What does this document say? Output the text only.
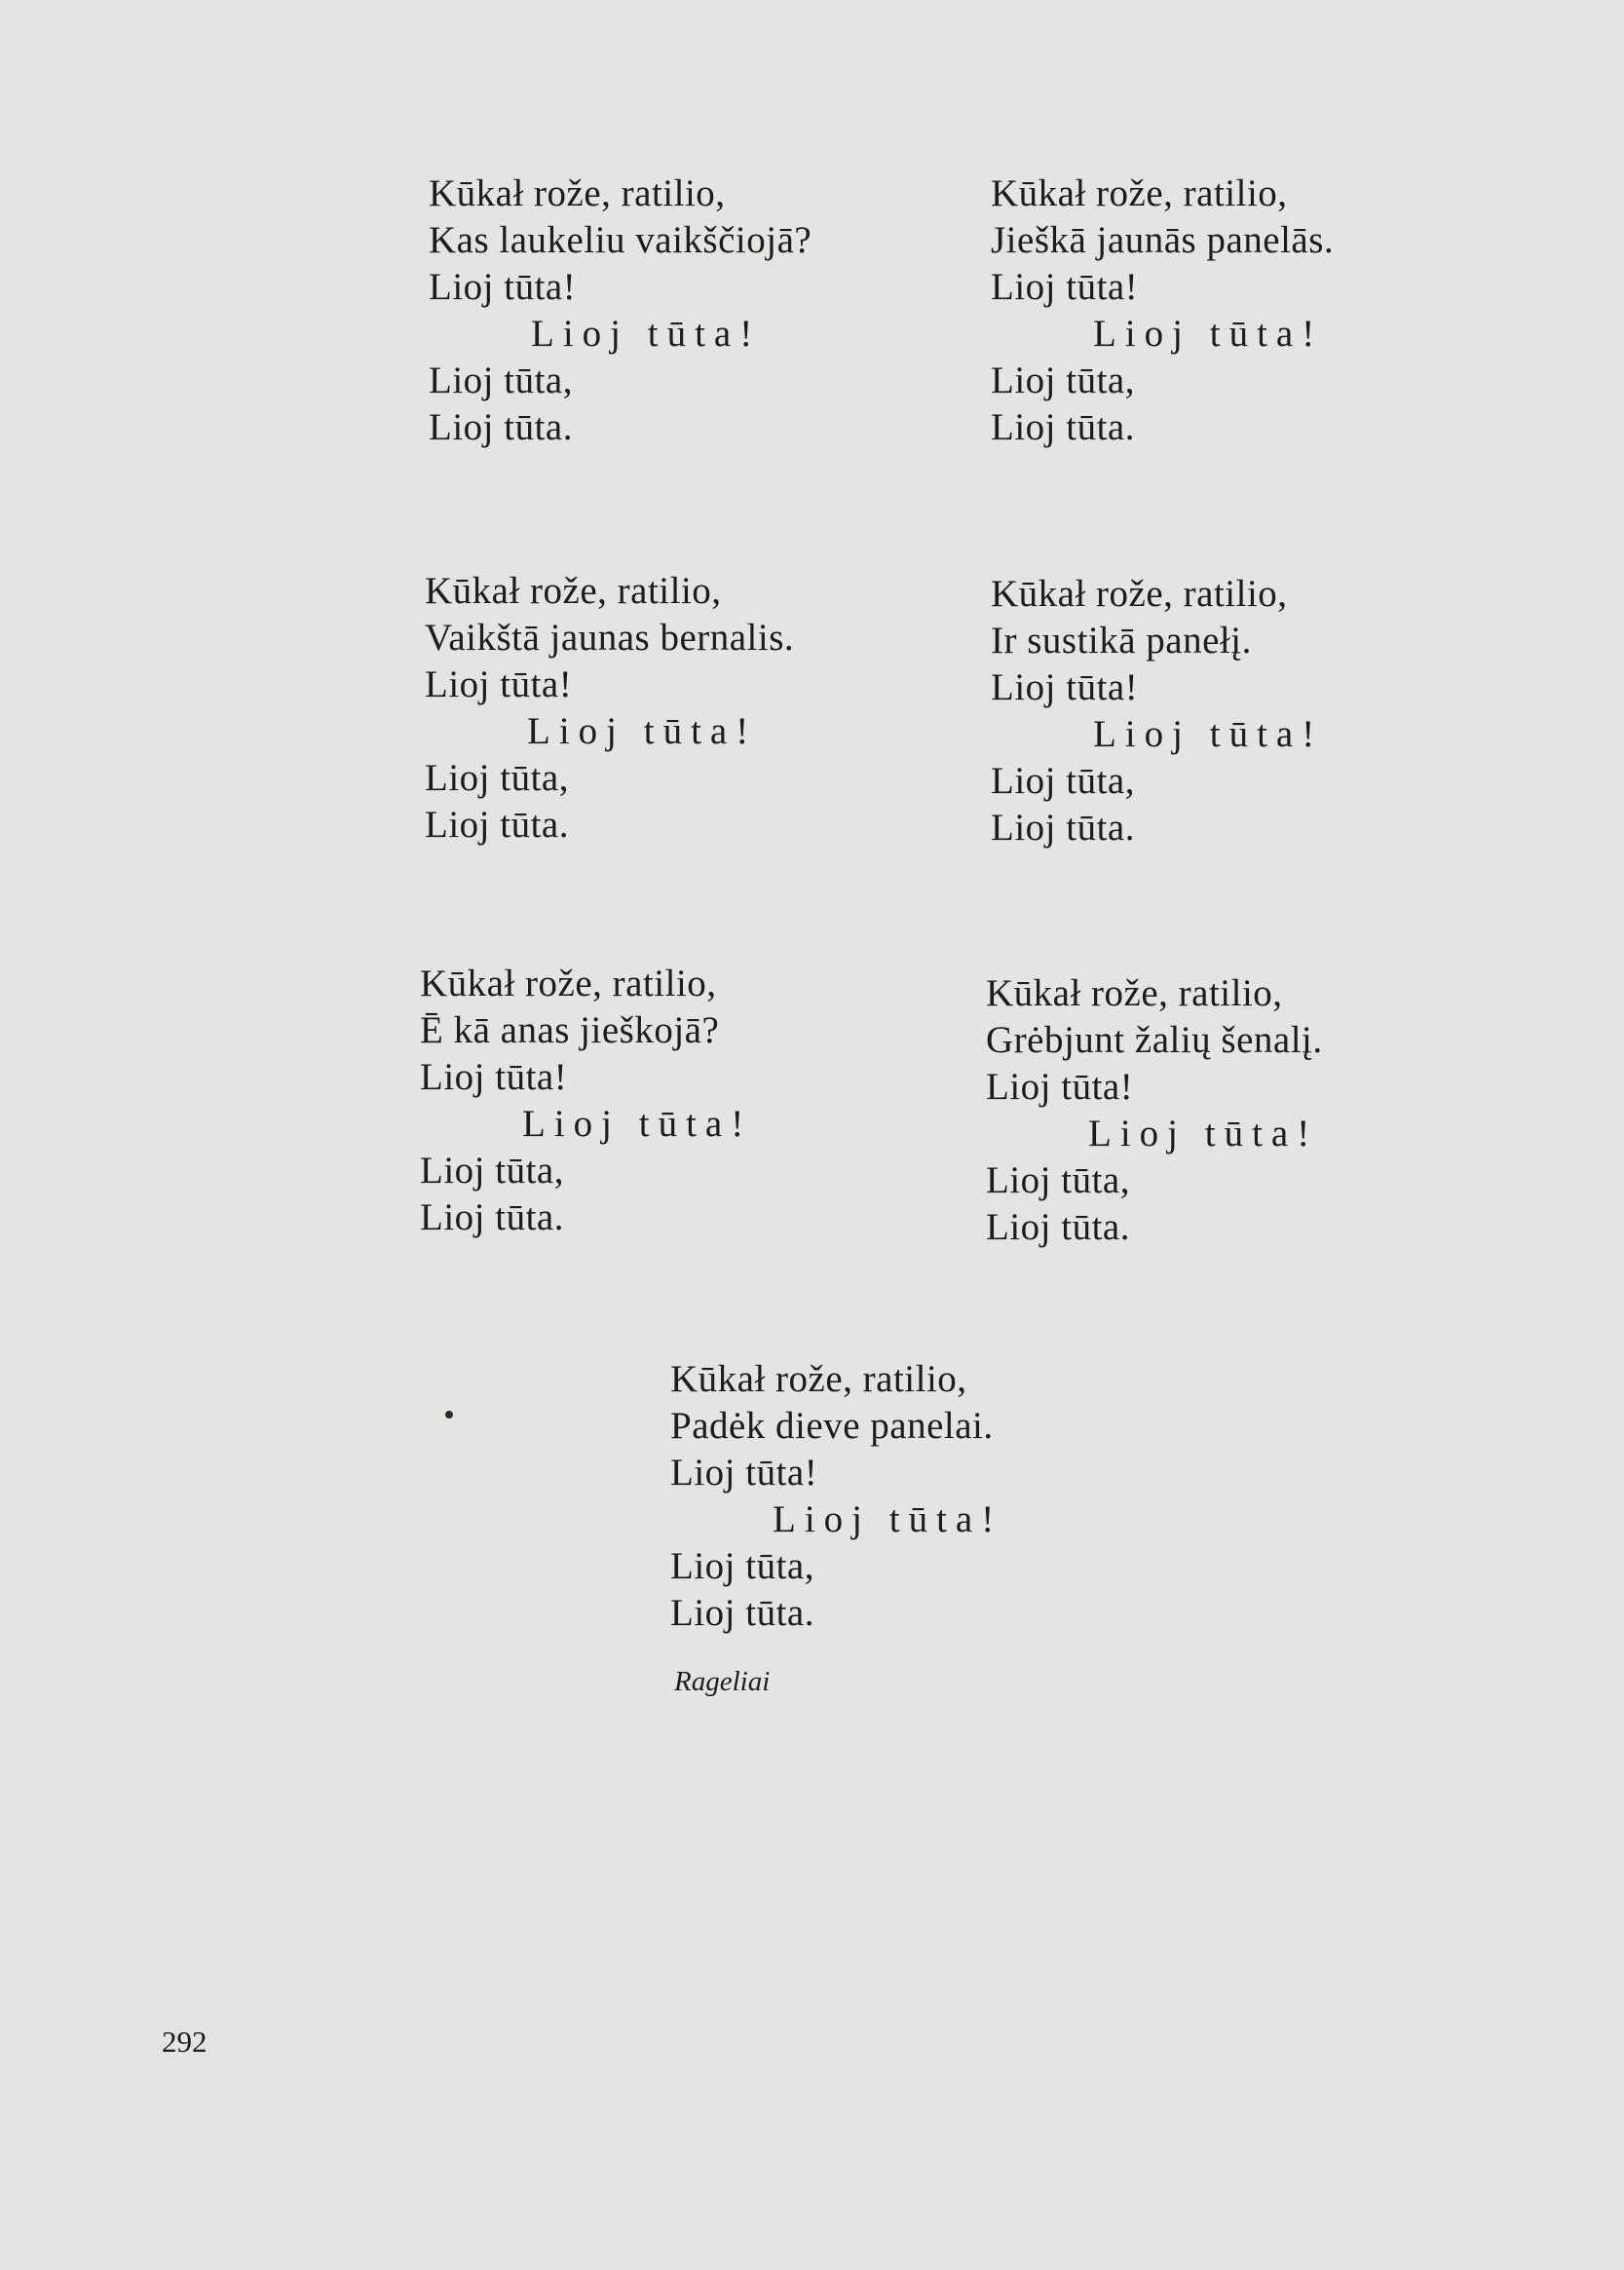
Kūkał rože, ratilio,
Kas laukeliu vaikščiojā?
Lioj tūta!
Lioj tūta!
Lioj tūta,
Lioj tūta.
Kūkał rože, ratilio,
Jieškā jaunās panelās.
Lioj tūta!
Lioj tūta!
Lioj tūta,
Lioj tūta.
Kūkał rože, ratilio,
Vaikštā jaunas bernalis.
Lioj tūta!
Lioj tūta!
Lioj tūta,
Lioj tūta.
Kūkał rože, ratilio,
Ir sustikā panełį.
Lioj tūta!
Lioj tūta!
Lioj tūta,
Lioj tūta.
Kūkał rože, ratilio,
Ē kā anas jieškojā?
Lioj tūta!
Lioj tūta!
Lioj tūta,
Lioj tūta.
Kūkał rože, ratilio,
Grėbjunt žalių šenalį.
Lioj tūta!
Lioj tūta!
Lioj tūta,
Lioj tūta.
Kūkał rože, ratilio,
Padėk dieve panelai.
Lioj tūta!
Lioj tūta!
Lioj tūta,
Lioj tūta.
Rageliai
292
